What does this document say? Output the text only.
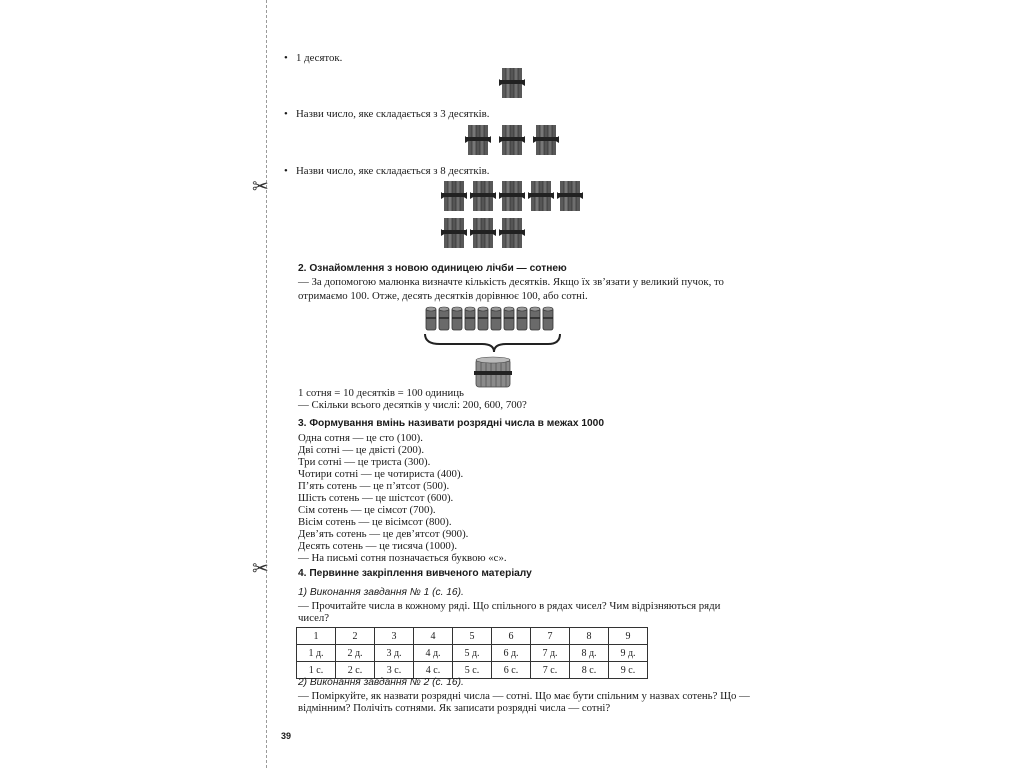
✂
✂
• 1 десяток.
• Назви число, яке складається з 3 десятків.
• Назви число, яке складається з 8 десятків.
2. Ознайомлення з новою одиницею лічби — сотнею
— За допомогою малюнка визначте кількість десятків. Якщо їх зв’язати у великий пучок, то
отримаємо 100. Отже, десять десятків дорівнює 100, або сотні.
1 сотня = 10 десятків = 100 одиниць
— Скільки всього десятків у числі: 200, 600, 700?
3. Формування вмінь називати розрядні числа в межах 1000
Одна сотня — це сто (100).
Дві сотні — це двісті (200).
Три сотні — це триста (300).
Чотири сотні — це чотириста (400).
П’ять сотень — це п’ятсот (500).
Шість сотень — це шістсот (600).
Сім сотень — це сімсот (700).
Вісім сотень — це вісімсот (800).
Дев’ять сотень — це дев’ятсот (900).
Десять сотень — це тисяча (1000).
— На письмі сотня позначається буквою «с».
4. Первинне закріплення вивченого матеріалу
1) Виконання завдання № 1 (с. 16).
— Прочитайте числа в кожному ряді. Що спільного в рядах чисел? Чим відрізняються ряди
чисел?
1	2	3	4	5	6	7	8	9
1 д.	2 д.	3 д.	4 д.	5 д.	6 д.	7 д.	8 д.	9 д.
1 с.	2 с.	3 с.	4 с.	5 с.	6 с.	7 с.	8 с.	9 с.
2) Виконання завдання № 2 (с. 16).
— Поміркуйте, як назвати розрядні числа — сотні. Що має бути спільним у назвах сотень? Що —
відмінним? Полічіть сотнями. Як записати розрядні числа — сотні?
39
